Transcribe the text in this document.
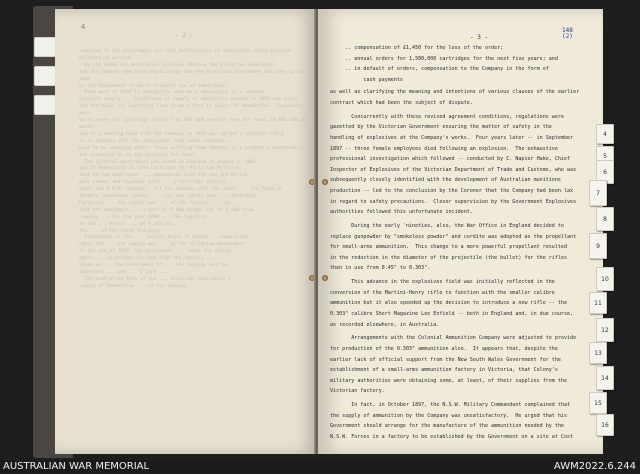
4
- 2 -
supplied to the Government and that deficiencies of ammunition would preclude
military in wartime.
By the 1890s all Australian Colonies (before the Victorian Government
and the Company had been negotiating) and the Victorian Government had been given them
by the Government of which Colonial use of Ammunition.
Plan were at hand to reorganise once more ammunition as a measure
military supply...  Conditions of supply of ammunition became in 1892 two years
and the basis for exporting from no more than in favour of Ammunition.  Colonials were
to increase the cartridge output from 900 000 and the fees the rates 20 000 000 per month,
and at a meeting held with the Company in 1893 was agreed a contract and a
to be stopped with the ammunition from later colonies...
have to be accepted within those existing them factors in a primarily maintenance
are necessary to be the military the local.
The Colonial government was aimed in England at August 1, 1891,
and of Ammunition at 1894 Cartridge for Victorian Military
that we had been under ... ammunition with the new and Ballah
more powder and together with ... a Cartridge factory ...
under the M.H.P. company.  All the factory with the other ... the Pindo 8
factory (smokeless powder) ... the two limits were ... Australia.
Factories ... the output was ... of the factory ... the
that the amendment ... a cost of 1 000 bought out of 4 000 from
Company ... for the year 1898 ... the supplies
at the ... Harris ... an 0.303 cal,
the ... of The Chief Ordnance
Production at the ... factory began at almost .. ammunition
until the ... the supply was ... by the Victorian Government.
In the end of 1893, the Government ... found the output
again ... cartridges per day from the factory ...
taken up ... the Government of ... the Company and the
machinery ... was ... 1 June ...
The Australian then of the ... Victorian Government's
supply of Ammunition ... of the Company ...
- 3 -
148
(2)
.. compensation of £1,450 for the loss of the order;
.. annual orders for 1,500,000 cartridges for the next five years; and
.. in default of orders, compensation to the Company in the form of
cash payments
as well as clarifying the meaning and intentions of various clauses of the earlier
contract which had been the subject of dispute.
Concurrently with these revised agreement conditions, regulations were
gazetted by the Victorian Government ensuring the matter of safety in the
handling of explosives at the Company's works.  Four years later -- in September
1897 -- three female employees died following an explosion.  The exhaustive
professional investigation which followed -- conducted by C. Napier Hake, Chief
Inspector of Explosives of the Victorian Department of Trade and Customs, who was
subsequently closely identified with the development of Australian munitions
production -- led to the conclusion by the Coroner that the Company had been lax
in regard to safety precautions.  Closer supervision by the Government Explosives
authorities followed this unfortunate incident.
During the early 'nineties, also, the War Office in England decided to
replace gunpowder by "smokeless powder" and cordite was adopted as the propellant
for small-arms ammunition.  This change to a more powerful propellant resulted
in the reduction in the diameter of the projectile (the bullet) for the rifles
then in use from 0.45" to 0.303".
This advance in the explosives field was initially reflected in the
conversion of the Martini-Henry rifle to function with the smaller calibre
ammunition but it also speeded up the decision to introduce a new rifle -- the
0.303" calibre Short Magazine Lee Enfield -- both in England and, in due course,
as recorded elsewhere, in Australia.
Arrangements with the Colonial Ammunition Company were adjusted to provide
for production of the 0.303" ammunition also.  It appears that, despite the
earlier lack of official support from the New South Wales Government for the
establishment of a small-arms ammunition factory in Victoria, that Colony's
military authorities were obtaining some, at least, of their supplies from the
Victorian factory.
In fact, in October 1897, the N.S.W. Military Commandant complained that
the supply of ammunition by the Company was unsatisfactory.  He urged that his
Government should arrange for the manufacture of the ammunition needed by the
N.S.W. Forces in a factory to be established by the Government on a site at Cost
4
5
6
7
8
9
10
11
12
13
14
15
16
AUSTRALIAN WAR MEMORIAL	AWM2022.6.244
